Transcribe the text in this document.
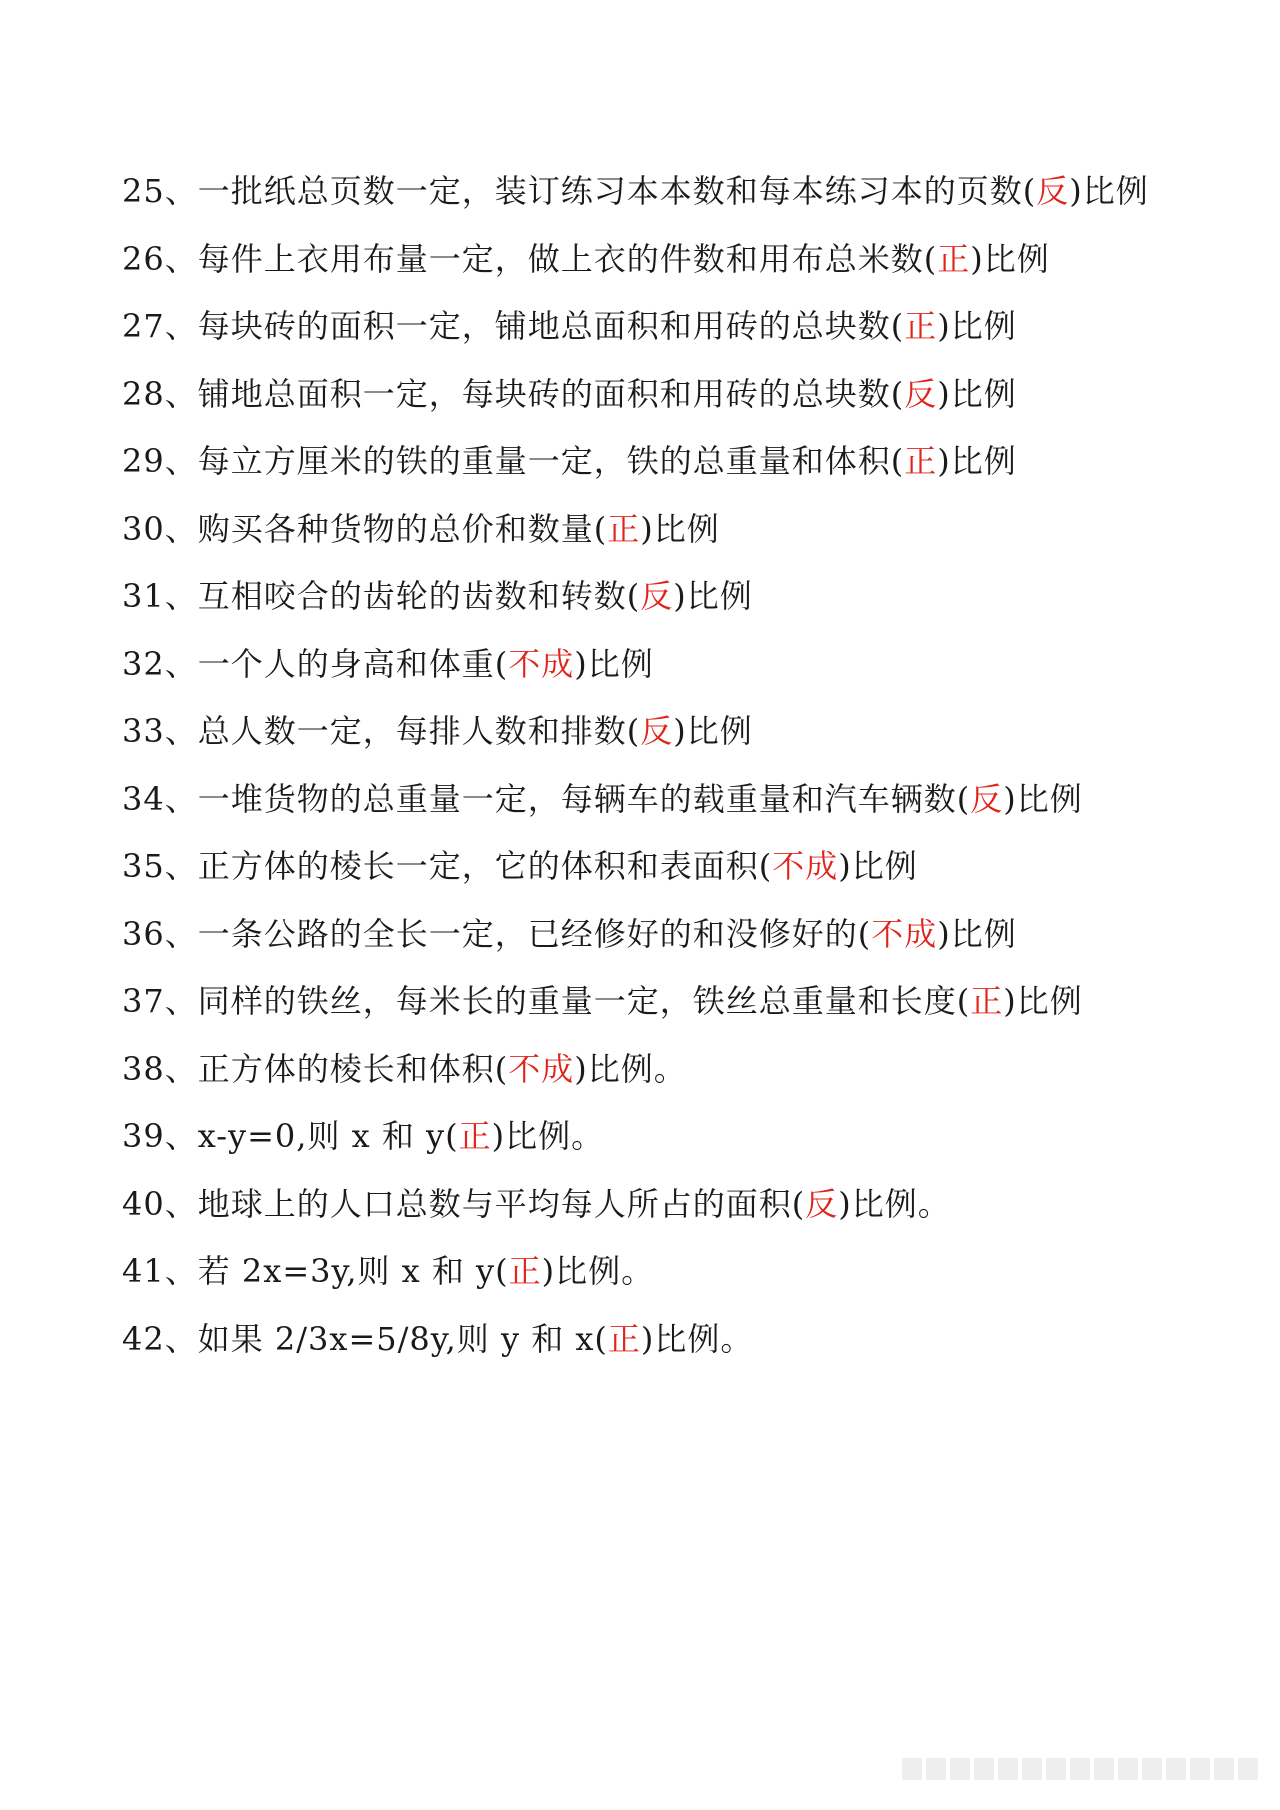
25、一批纸总页数一定，装订练习本本数和每本练习本的页数(反)比例
26、每件上衣用布量一定，做上衣的件数和用布总米数(正)比例
27、每块砖的面积一定，铺地总面积和用砖的总块数(正)比例
28、铺地总面积一定，每块砖的面积和用砖的总块数(反)比例
29、每立方厘米的铁的重量一定，铁的总重量和体积(正)比例
30、购买各种货物的总价和数量(正)比例
31、互相咬合的齿轮的齿数和转数(反)比例
32、一个人的身高和体重(不成)比例
33、总人数一定，每排人数和排数(反)比例
34、一堆货物的总重量一定，每辆车的载重量和汽车辆数(反)比例
35、正方体的棱长一定，它的体积和表面积(不成)比例
36、一条公路的全长一定，已经修好的和没修好的(不成)比例
37、同样的铁丝，每米长的重量一定，铁丝总重量和长度(正)比例
38、正方体的棱长和体积(不成)比例。
39、x-y=0,则 x 和 y(正)比例。
40、地球上的人口总数与平均每人所占的面积(反)比例。
41、若 2x=3y,则 x 和 y(正)比例。
42、如果 2/3x=5/8y,则 y 和 x(正)比例。
